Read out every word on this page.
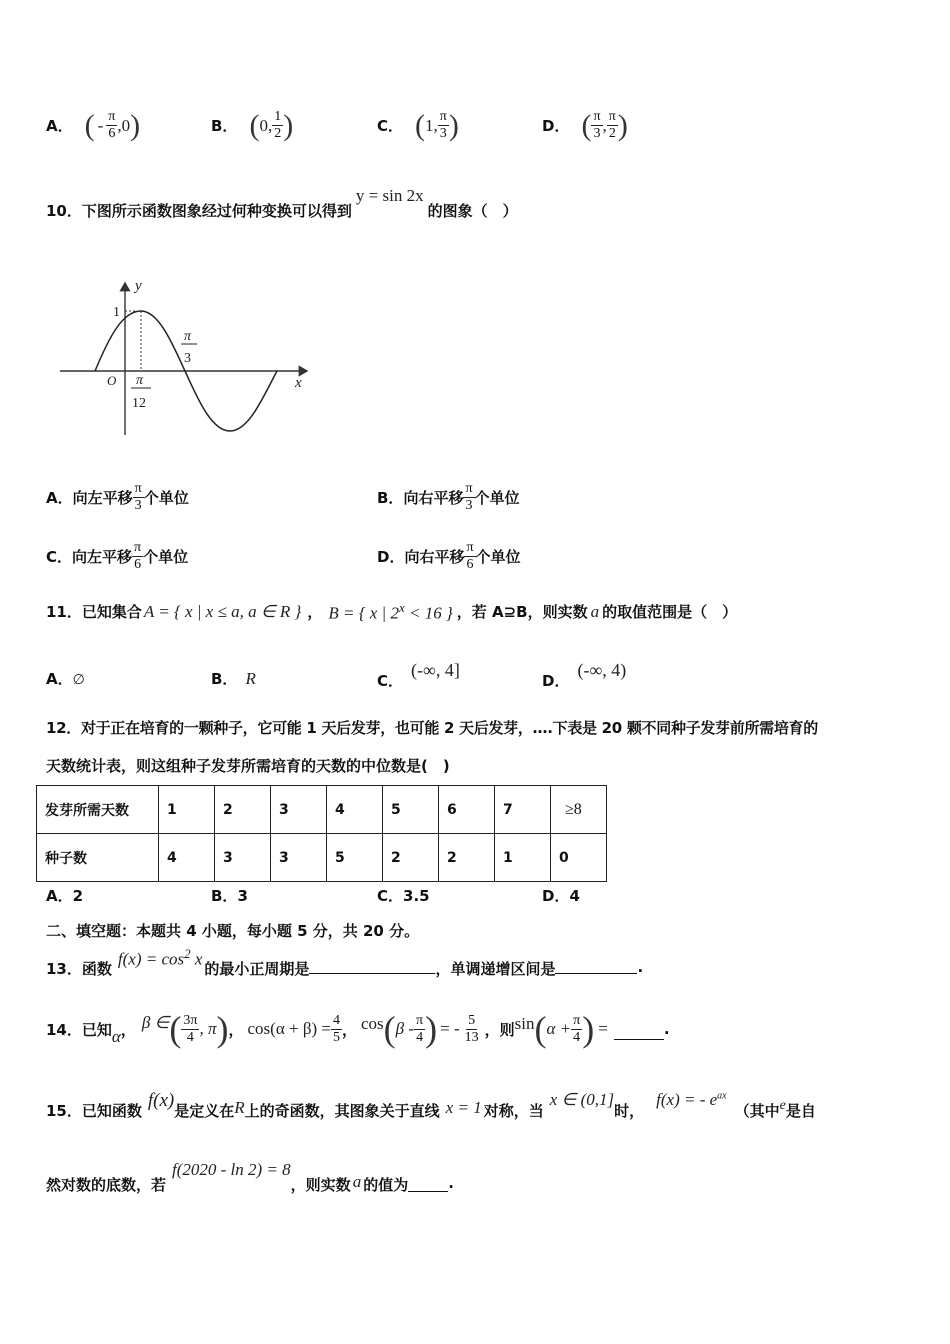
A． ( - $\frac{\pi}{6}$ , 0 )	B． ( 0 , $\frac{1}{2}$ )	C． ( 1 , $\frac{\pi}{3}$ )	D． ( $\frac{\pi}{3}$ , $\frac{\pi}{2}$ )
10． 下图所示函数图象经过何种变换可以得到
y = sin 2x
的图象（　）
y
x
O
1
π
12
π
3
A． 向左平移 $\frac{\pi}{3}$ 个单位	B． 向右平移 $\frac{\pi}{3}$ 个单位
C． 向左平移 $\frac{\pi}{6}$ 个单位	D． 向右平移 $\frac{\pi}{6}$ 个单位
11． 已知集合 A = { x | x ≤ a, a ∈ R } ， B = { x | $2^x < 16$ } ，若 A⊇B，则实数 a 的取值范围是（　）
A．∅	B． R	C．
(-∞, 4]
D．
(-∞, 4)
12．对于正在培育的一颗种子，它可能 1 天后发芽，也可能 2 天后发芽，….下表是 20 颗不同种子发芽前所需培育的
天数统计表，则这组种子发芽所需培育的天数的中位数是(　)
发芽所需天数	1	2	3	4	5	6	7	≥8
种子数	4	3	3	5	2	2	1	0
A．2	B．3	C．3.5	D．4
二、填空题：本题共 4 小题，每小题 5 分，共 20 分。
13． 函数
$f(x) = \cos^2 x$
的最小正周期是	，单调递增区间是	.
14． 已知 α ， β ∈ ( $\frac{3\pi}{4}$ , π ) ， $\cos(\alpha + \beta) = \frac{4}{5}$ ， cos ( β - $\frac{\pi}{4}$ ) = - $\frac{5}{13}$ ，则 sin ( $\alpha + \frac{\pi}{4}$ ) =	.
15． 已知函数 f(x) 是定义在 R 上的奇函数，其图象关于直线 x = 1 对称，当
x ∈ (0,1]
时，
f(x) = - $e^{ax}$
（其中 e 是自
然对数的底数，若
f(2020 - ln 2) = 8
，则实数 a 的值为	.
